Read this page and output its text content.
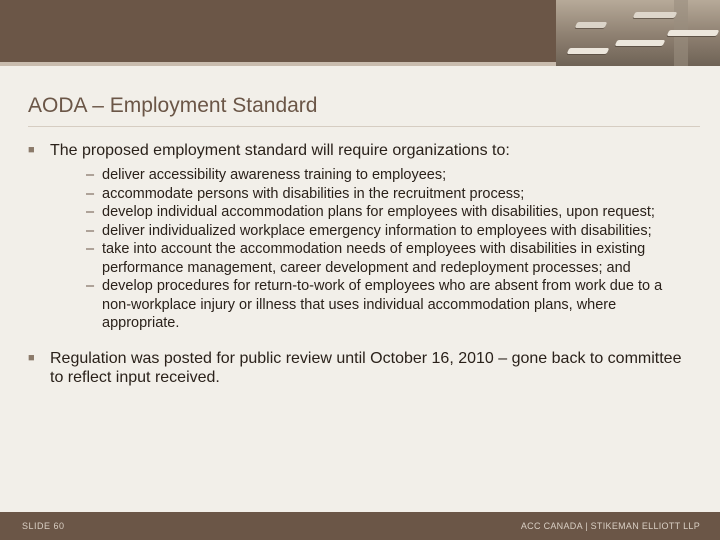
AODA – Employment Standard
■ The proposed employment standard will require organizations to:
– deliver accessibility awareness training to employees;
– accommodate persons with disabilities in the recruitment process;
– develop individual accommodation plans for employees with disabilities, upon request;
– deliver individualized workplace emergency information to employees with disabilities;
– take into account the accommodation needs of employees with disabilities in existing performance management, career development and redeployment processes; and
– develop procedures for return-to-work of employees who are absent from work due to a non-workplace injury or illness that uses individual accommodation plans, where appropriate.
■ Regulation was posted for public review until October 16, 2010 – gone back to committee to reflect input received.
SLIDE 60	ACC CANADA | STIKEMAN ELLIOTT LLP
